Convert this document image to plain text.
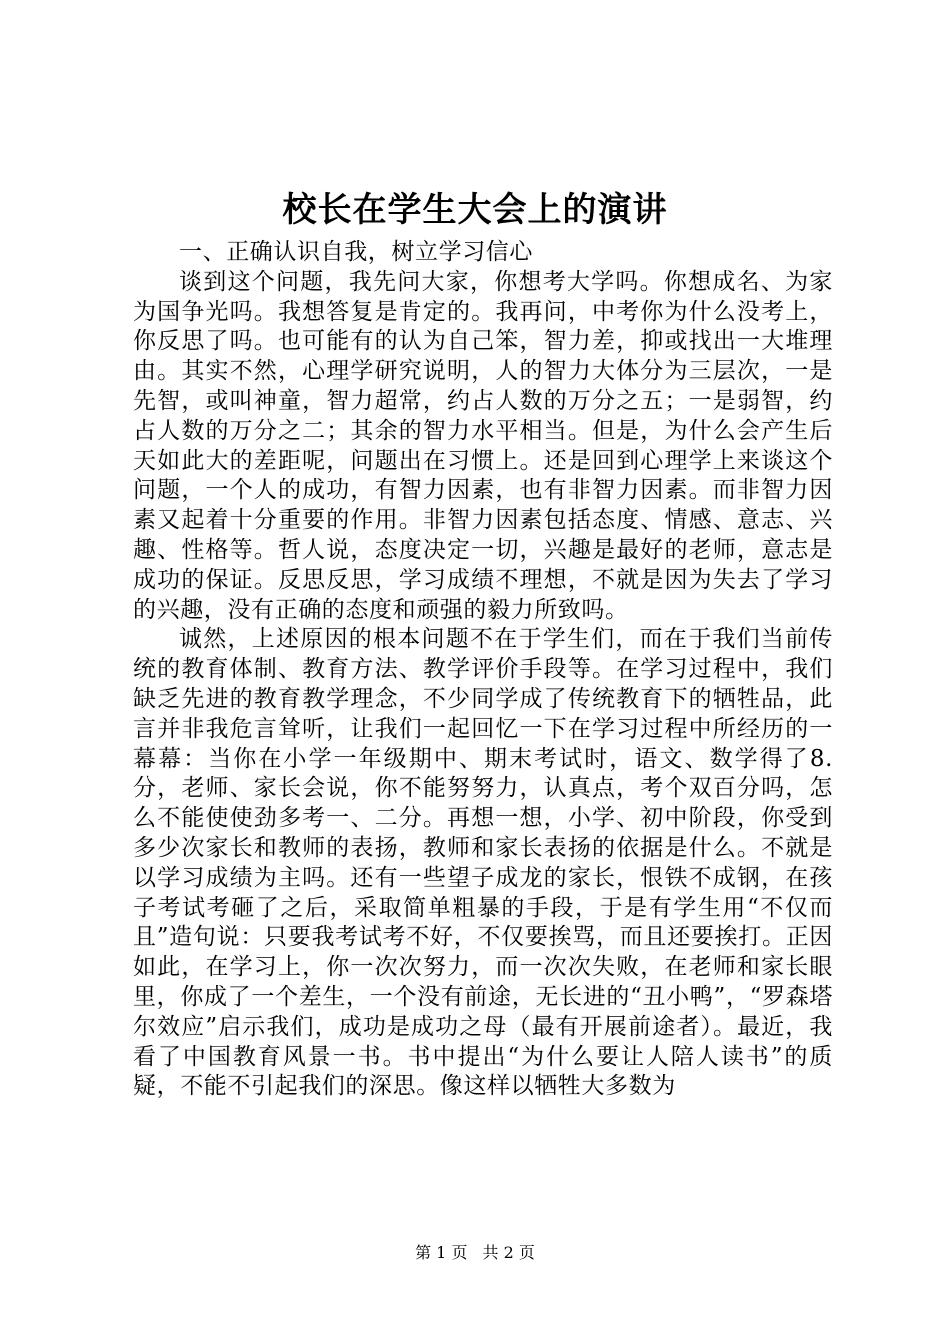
校长在学生大会上的演讲

一、正确认识自我，树立学习信心

谈到这个问题，我先问大家，你想考大学吗。你想成名、为家为国争光吗。我想答复是肯定的。我再问，中考你为什么没考上，你反思了吗。也可能有的认为自己笨，智力差，抑或找出一大堆理由。其实不然，心理学研究说明，人的智力大体分为三层次，一是先智，或叫神童，智力超常，约占人数的万分之五；一是弱智，约占人数的万分之二；其余的智力水平相当。但是，为什么会产生后天如此大的差距呢，问题出在习惯上。还是回到心理学上来谈这个问题，一个人的成功，有智力因素，也有非智力因素。而非智力因素又起着十分重要的作用。非智力因素包括态度、情感、意志、兴趣、性格等。哲人说，态度决定一切，兴趣是最好的老师，意志是成功的保证。反思反思，学习成绩不理想，不就是因为失去了学习的兴趣，没有正确的态度和顽强的毅力所致吗。

诚然，上述原因的根本问题不在于学生们，而在于我们当前传统的教育体制、教育方法、教学评价手段等。在学习过程中，我们缺乏先进的教育教学理念，不少同学成了传统教育下的牺牲品，此言并非我危言耸听，让我们一起回忆一下在学习过程中所经历的一幕幕：当你在小学一年级期中、期末考试时，语文、数学得了8.分，老师、家长会说，你不能努努力，认真点，考个双百分吗，怎么不能使使劲多考一、二分。再想一想，小学、初中阶段，你受到多少次家长和教师的表扬，教师和家长表扬的依据是什么。不就是以学习成绩为主吗。还有一些望子成龙的家长，恨铁不成钢，在孩子考试考砸了之后，采取简单粗暴的手段，于是有学生用“不仅而且”造句说：只要我考试考不好，不仅要挨骂，而且还要挨打。正因如此，在学习上，你一次次努力，而一次次失败，在老师和家长眼里，你成了一个差生，一个没有前途，无长进的“丑小鸭”，“罗森塔尔效应”启示我们，成功是成功之母（最有开展前途者）。最近，我看了中国教育风景一书。书中提出“为什么要让人陪人读书”的质疑，不能不引起我们的深思。像这样以牺牲大多数为

第 1 页 共 2 页
